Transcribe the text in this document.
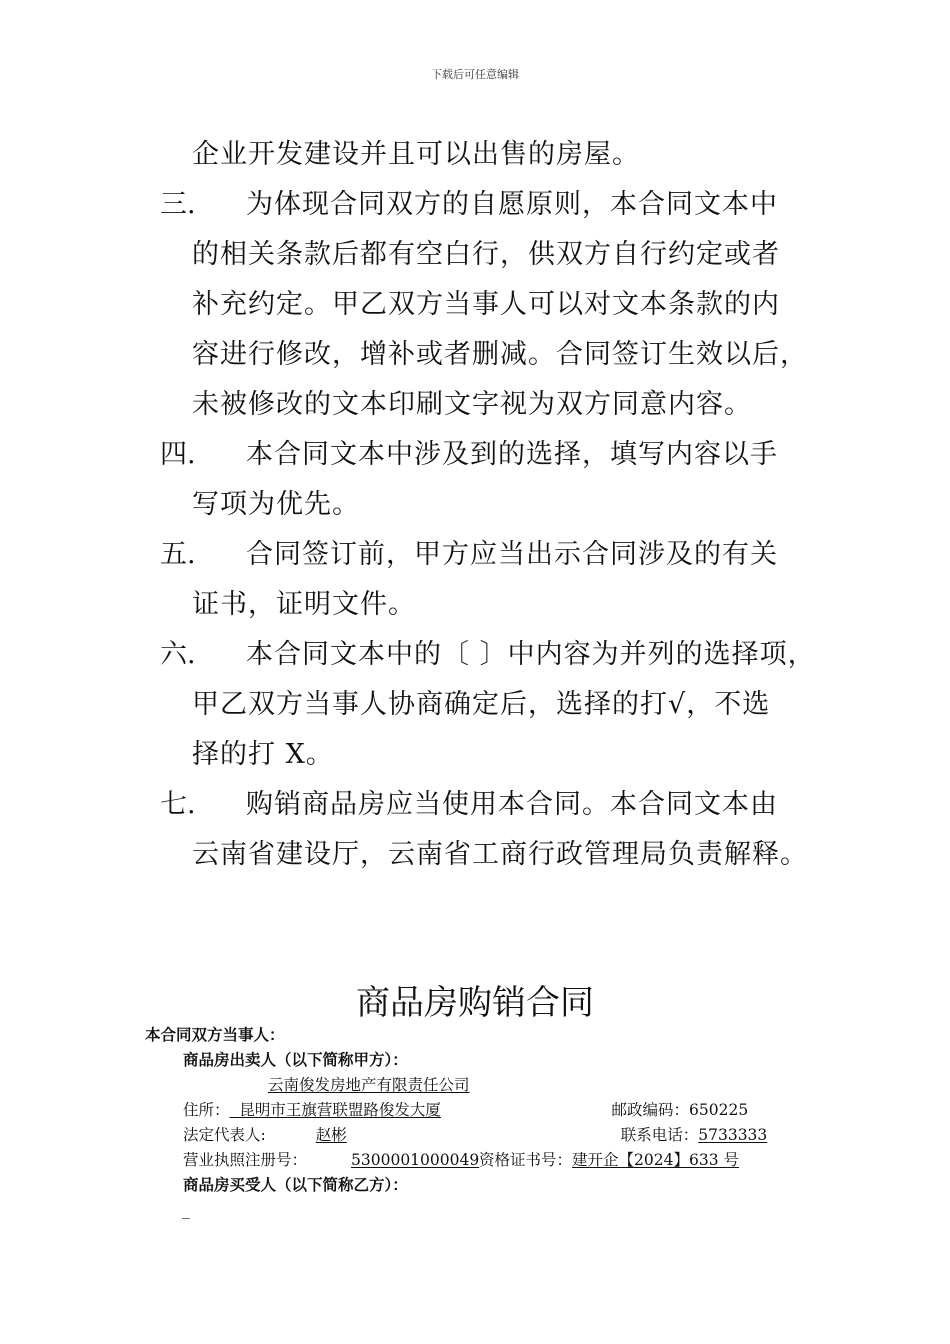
下载后可任意编辑
企业开发建设并且可以出售的房屋。
三. 为体现合同双方的自愿原则，本合同文本中
的相关条款后都有空白行，供双方自行约定或者
补充约定。甲乙双方当事人可以对文本条款的内
容进行修改，增补或者删减。合同签订生效以后，
未被修改的文本印刷文字视为双方同意内容。
四. 本合同文本中涉及到的选择，填写内容以手
写项为优先。
五. 合同签订前，甲方应当出示合同涉及的有关
证书，证明文件。
六. 本合同文本中的〔 〕中内容为并列的选择项，
甲乙双方当事人协商确定后，选择的打√，不选
择的打 X。
七. 购销商品房应当使用本合同。本合同文本由
云南省建设厅，云南省工商行政管理局负责解释。
商品房购销合同
本合同双方当事人：
商品房出卖人（以下简称甲方）：
云南俊发房地产有限责任公司
住所： 昆明市王旗营联盟路俊发大厦	邮政编码：650225
法定代表人:	赵彬	联系电话：5733333
营业执照注册号：	5300001000049资格证书号：建开企【2024】633 号
商品房买受人（以下简称乙方）：
_
